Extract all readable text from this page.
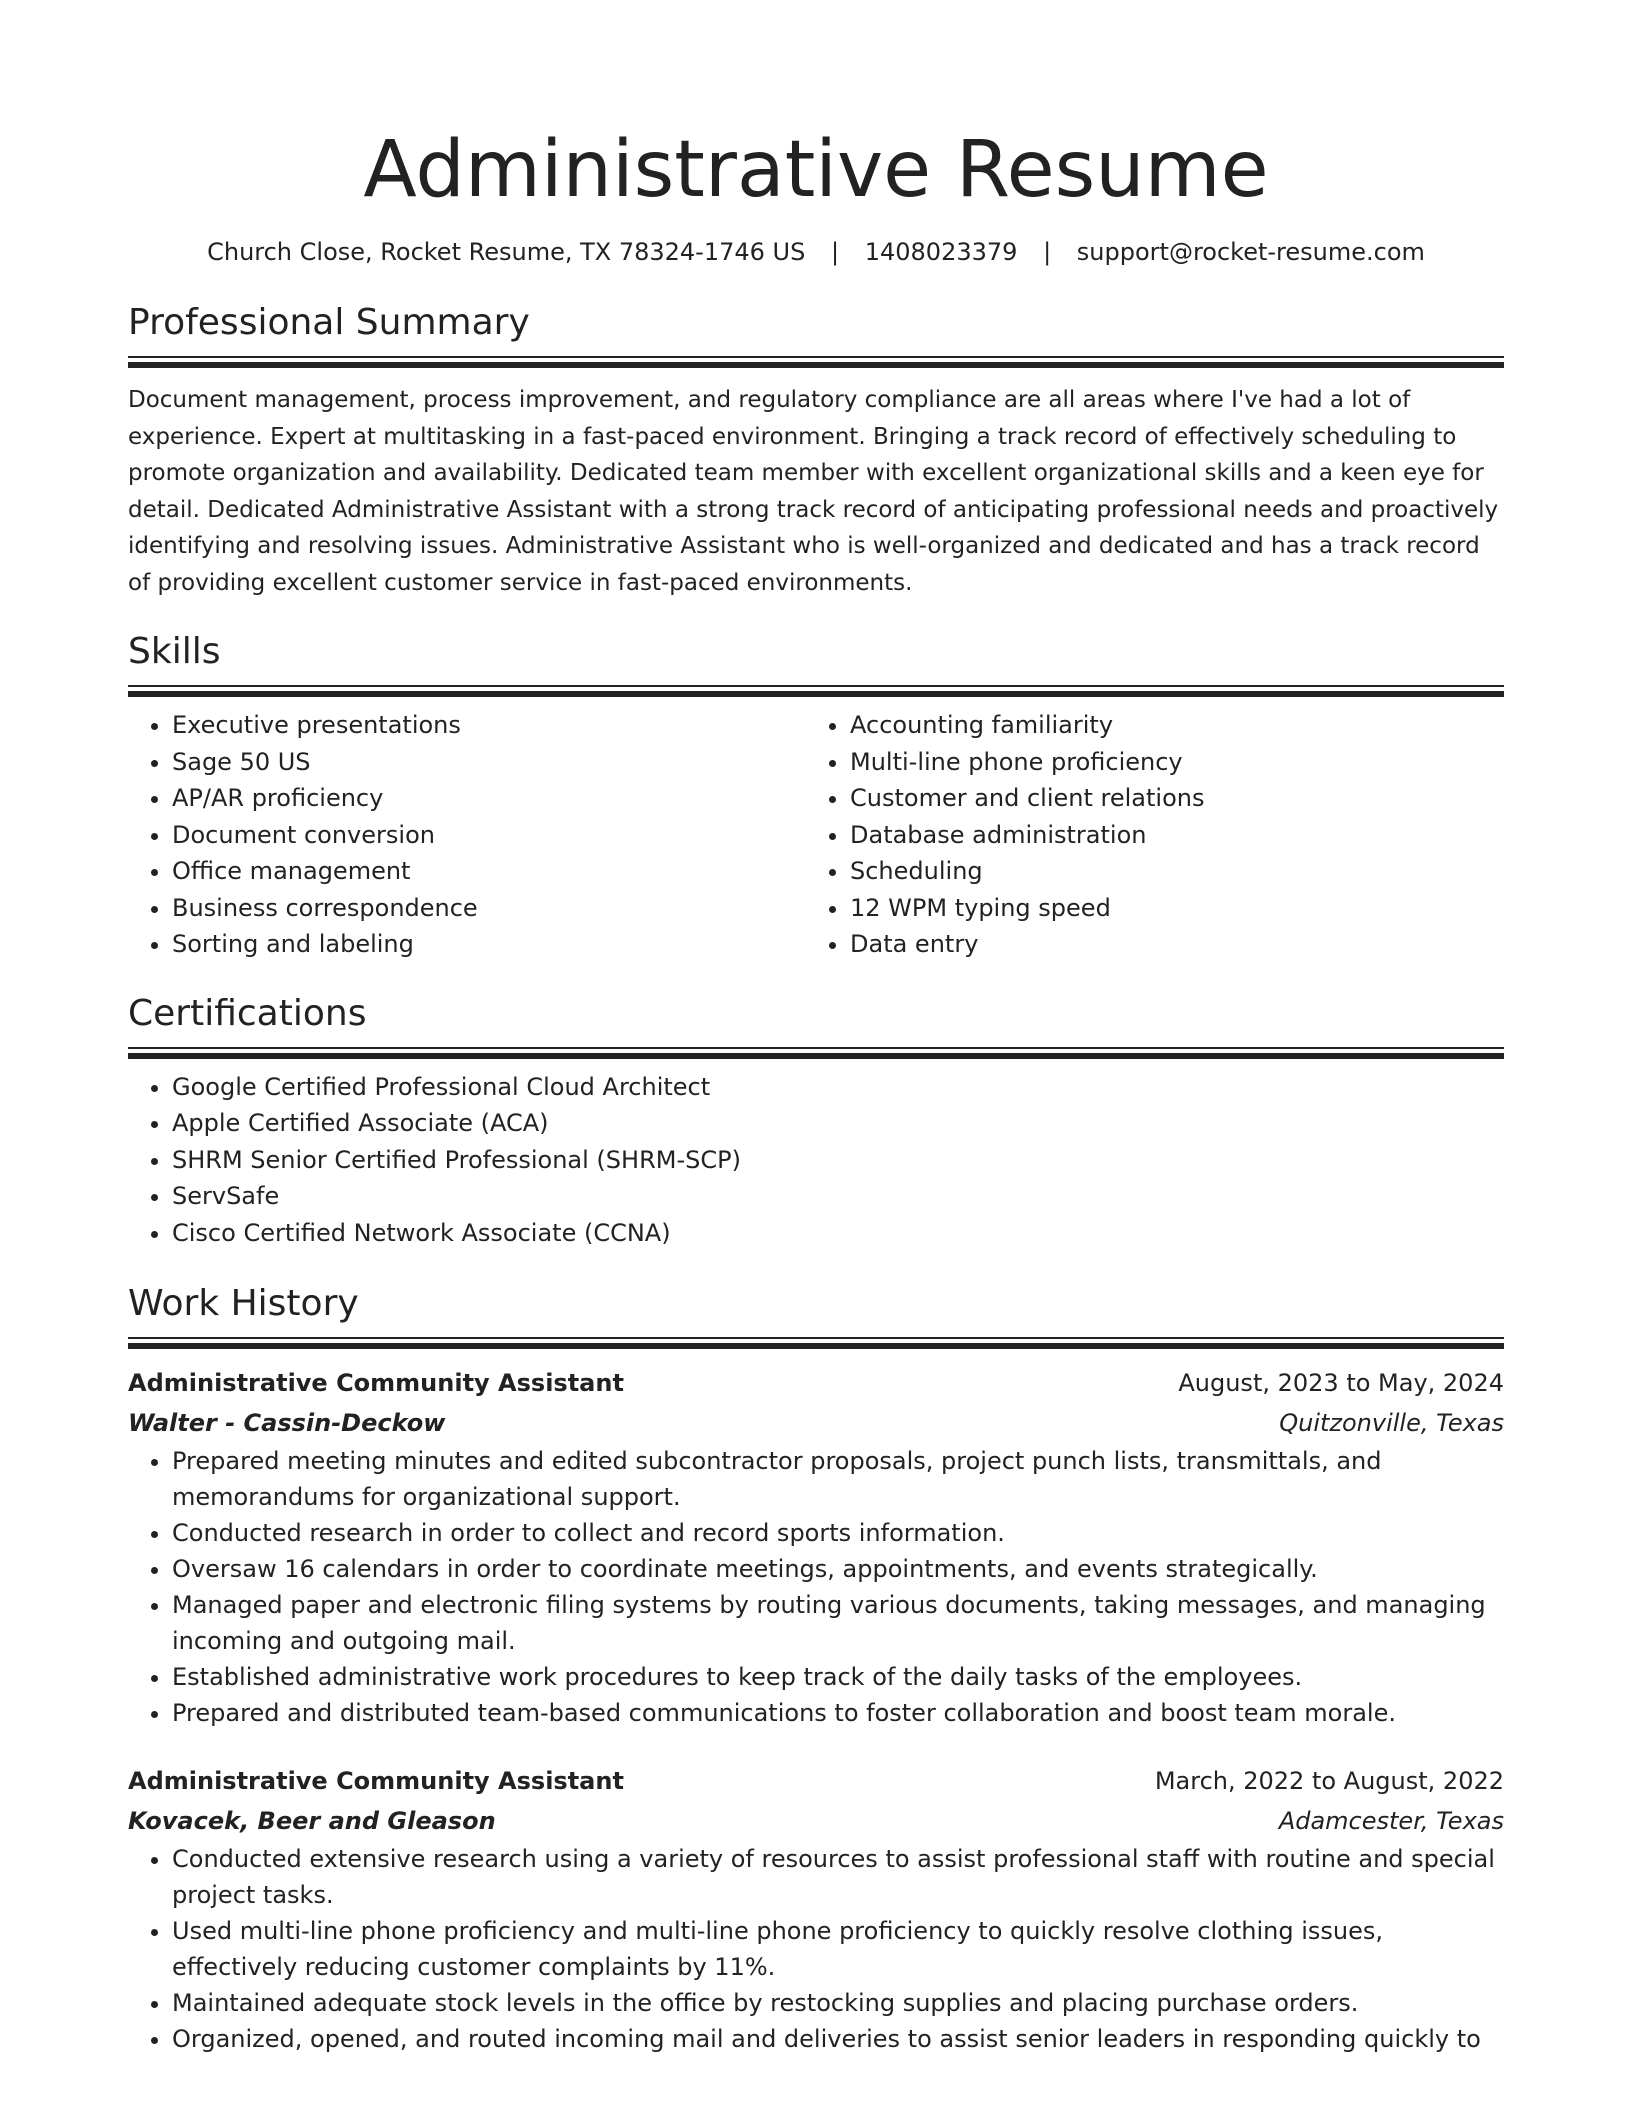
Administrative Resume
Church Close, Rocket Resume, TX 78324-1746 US | 1408023379 | support@rocket-resume.com
Professional Summary
Document management, process improvement, and regulatory compliance are all areas where I've had a lot of experience. Expert at multitasking in a fast-paced environment. Bringing a track record of effectively scheduling to promote organization and availability. Dedicated team member with excellent organizational skills and a keen eye for detail. Dedicated Administrative Assistant with a strong track record of anticipating professional needs and proactively identifying and resolving issues. Administrative Assistant who is well-organized and dedicated and has a track record of providing excellent customer service in fast-paced environments.
Skills
• Executive presentations
• Sage 50 US
• AP/AR proficiency
• Document conversion
• Office management
• Business correspondence
• Sorting and labeling
• Accounting familiarity
• Multi-line phone proficiency
• Customer and client relations
• Database administration
• Scheduling
• 12 WPM typing speed
• Data entry
Certifications
• Google Certified Professional Cloud Architect
• Apple Certified Associate (ACA)
• SHRM Senior Certified Professional (SHRM-SCP)
• ServSafe
• Cisco Certified Network Associate (CCNA)
Work History
Administrative Community Assistant	August, 2023 to May, 2024
Walter - Cassin-Deckow	Quitzonville, Texas
• Prepared meeting minutes and edited subcontractor proposals, project punch lists, transmittals, and memorandums for organizational support.
• Conducted research in order to collect and record sports information.
• Oversaw 16 calendars in order to coordinate meetings, appointments, and events strategically.
• Managed paper and electronic filing systems by routing various documents, taking messages, and managing incoming and outgoing mail.
• Established administrative work procedures to keep track of the daily tasks of the employees.
• Prepared and distributed team-based communications to foster collaboration and boost team morale.
Administrative Community Assistant	March, 2022 to August, 2022
Kovacek, Beer and Gleason	Adamcester, Texas
• Conducted extensive research using a variety of resources to assist professional staff with routine and special project tasks.
• Used multi-line phone proficiency and multi-line phone proficiency to quickly resolve clothing issues, effectively reducing customer complaints by 11%.
• Maintained adequate stock levels in the office by restocking supplies and placing purchase orders.
• Organized, opened, and routed incoming mail and deliveries to assist senior leaders in responding quickly to
